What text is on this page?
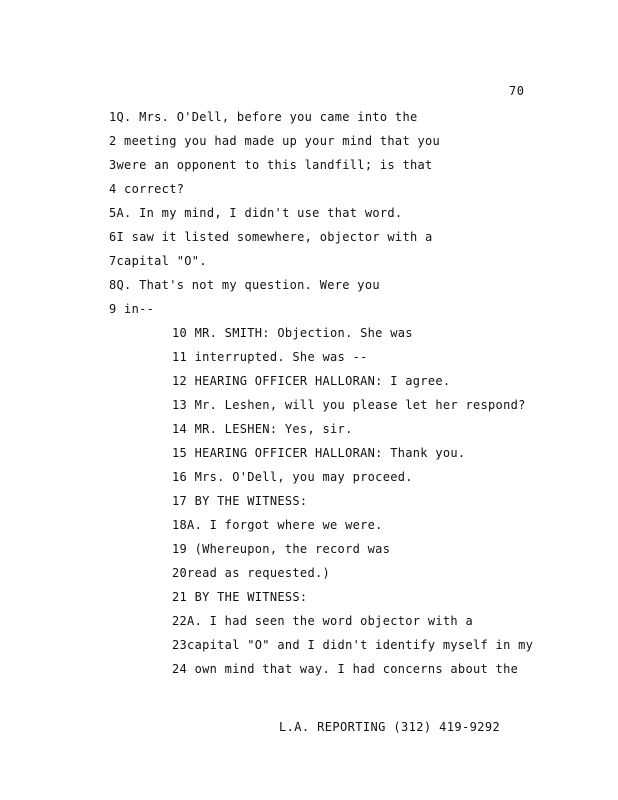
70
1Q. Mrs. O'Dell, before you came into the
2 meeting you had made up your mind that you
3were an opponent to this landfill; is that
4 correct?
5A. In my mind, I didn't use that word.
6I saw it listed somewhere, objector with a
7capital "O".
8Q. That's not my question. Were you
9 in--
10 MR. SMITH: Objection. She was
11 interrupted. She was --
12 HEARING OFFICER HALLORAN: I agree.
13 Mr. Leshen, will you please let her respond?
14 MR. LESHEN: Yes, sir.
15 HEARING OFFICER HALLORAN: Thank you.
16 Mrs. O'Dell, you may proceed.
17 BY THE WITNESS:
18A. I forgot where we were.
19 (Whereupon, the record was
20read as requested.)
21 BY THE WITNESS:
22A. I had seen the word objector with a
23capital "O" and I didn't identify myself in my
24 own mind that way. I had concerns about the
L.A. REPORTING (312) 419-9292
